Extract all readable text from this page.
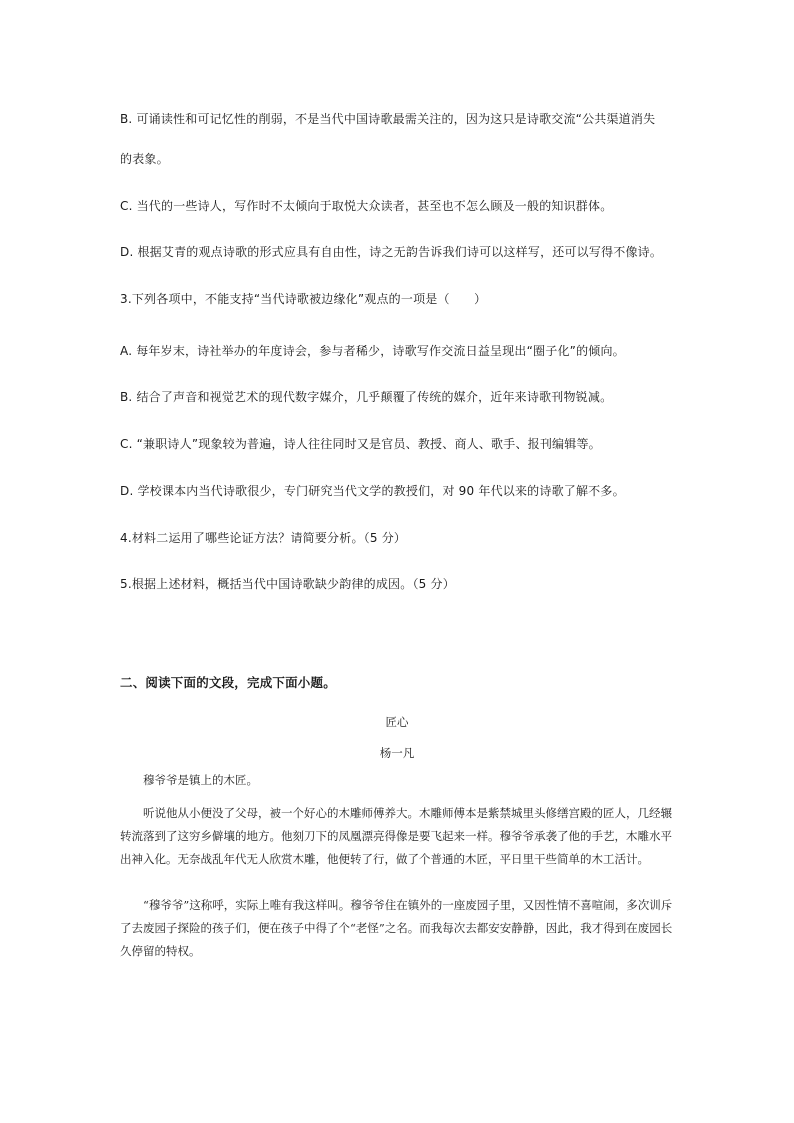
B. 可诵读性和可记忆性的削弱，不是当代中国诗歌最需关注的，因为这只是诗歌交流“公共渠道消失
的表象。
C. 当代的一些诗人，写作时不太倾向于取悦大众读者，甚至也不怎么顾及一般的知识群体。
D. 根据艾青的观点诗歌的形式应具有自由性，诗之无韵告诉我们诗可以这样写，还可以写得不像诗。
3.下列各项中，不能支持“当代诗歌被边缘化”观点的一项是（　　）
A. 每年岁末，诗社举办的年度诗会，参与者稀少，诗歌写作交流日益呈现出“圈子化”的倾向。
B. 结合了声音和视觉艺术的现代数字媒介，几乎颠覆了传统的媒介，近年来诗歌刊物锐减。
C. “兼职诗人”现象较为普遍，诗人往往同时又是官员、教授、商人、歌手、报刊编辑等。
D. 学校课本内当代诗歌很少，专门研究当代文学的教授们，对 90 年代以来的诗歌了解不多。
4.材料二运用了哪些论证方法？请简要分析。（5 分）
5.根据上述材料，概括当代中国诗歌缺少韵律的成因。（5 分）
二、阅读下面的文段，完成下面小题。
匠心
杨一凡

穆爷爷是镇上的木匠。

听说他从小便没了父母，被一个好心的木雕师傅养大。木雕师傅本是紫禁城里头修缮宫殿的匠人，几经辗转流落到了这穷乡僻壤的地方。他刻刀下的凤凰漂亮得像是要飞起来一样。穆爷爷承袭了他的手艺，木雕水平出神入化。无奈战乱年代无人欣赏木雕，他便转了行，做了个普通的木匠，平日里干些简单的木工活计。

“穆爷爷”这称呼，实际上唯有我这样叫。穆爷爷住在镇外的一座废园子里，又因性情不喜喧闹，多次训斥了去废园子探险的孩子们，便在孩子中得了个“老怪”之名。而我每次去都安安静静，因此，我才得到在废园长久停留的特权。
